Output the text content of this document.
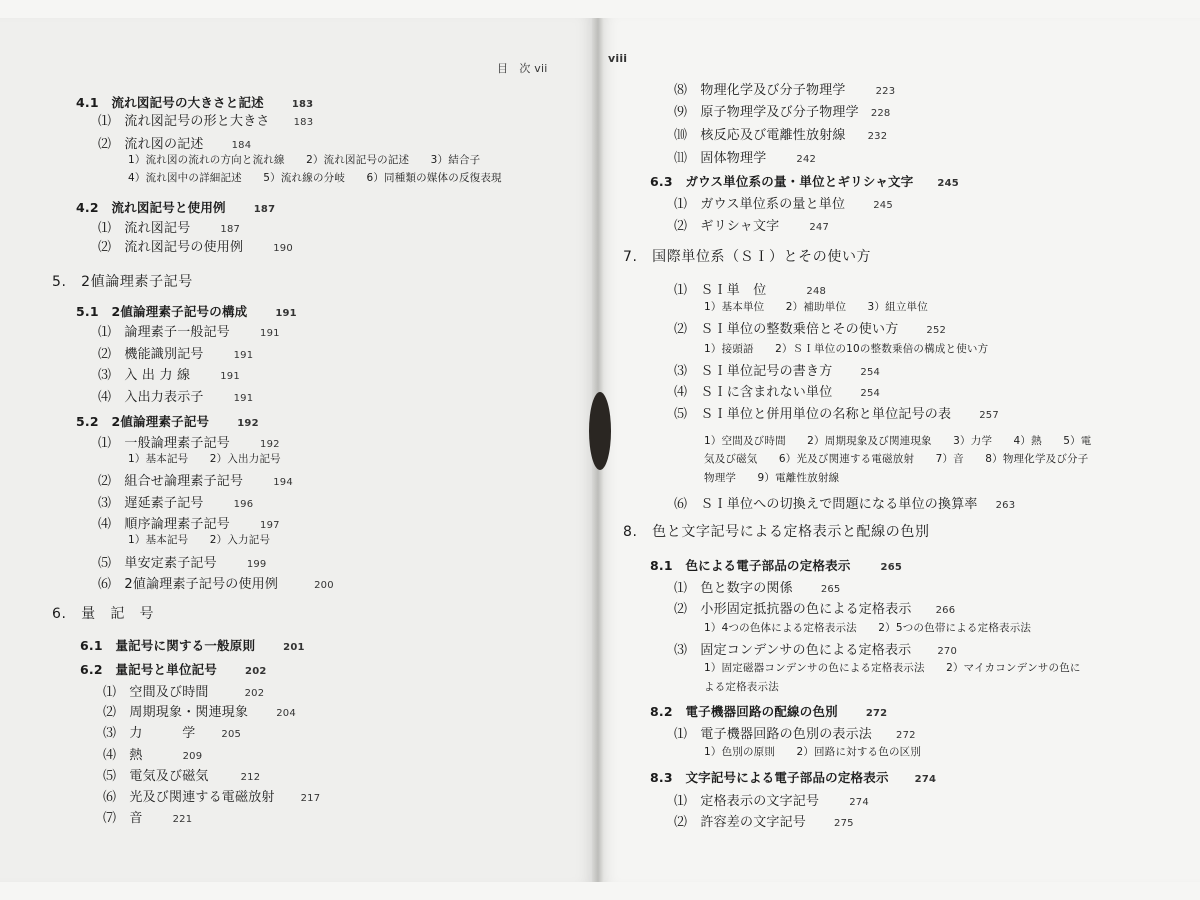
目　次 vii
viii
4.1　流れ図記号の大きさと記述	183
⑴　流れ図記号の形と大きさ 183
⑵　流れ図の記述	184
1）流れ図の流れの方向と流れ線　　2）流れ図記号の記述　　3）結合子
4）流れ図中の詳細記述　　5）流れ線の分岐　　6）同種類の媒体の反復表現
4.2　流れ図記号と使用例	187
⑴　流れ図記号	187
⑵　流れ図記号の使用例	190
5.　2値論理素子記号
5.1　2値論理素子記号の構成	191
⑴　論理素子一般記号	191
⑵　機能識別記号	191
⑶　入 出 力 線	191
⑷　入出力表示子	191
5.2　2値論理素子記号	192
⑴　一般論理素子記号	192
1）基本記号　　2）入出力記号
⑵　組合せ論理素子記号	194
⑶　遅延素子記号	196
⑷　順序論理素子記号	197
1）基本記号　　2）入力記号
⑸　単安定素子記号	199
⑹　2値論理素子記号の使用例	200
6.　量　記　号
6.1　量記号に関する一般原則	201
6.2　量記号と単位記号	202
⑴　空間及び時間	202
⑵　周期現象・関連現象	204
⑶　力　　　学	205
⑷　熱	209
⑸　電気及び磁気	212
⑹　光及び関連する電磁放射	217
⑺　音	221
⑻　物理化学及び分子物理学	223
⑼　原子物理学及び分子物理学 228
⑽　核反応及び電離性放射線 232
⑾　固体物理学	242
6.3　ガウス単位系の量・単位とギリシャ文字 245
⑴　ガウス単位系の量と単位	245
⑵　ギリシャ文字	247
7.　国際単位系（ＳＩ）とその使い方
⑴　ＳＩ単　位	248
1）基本単位　　2）補助単位　　3）組立単位
⑵　ＳＩ単位の整数乗倍とその使い方	252
1）接頭語　　2）ＳＩ単位の10の整数乗倍の構成と使い方
⑶　ＳＩ単位記号の書き方	254
⑷　ＳＩに含まれない単位	254
⑸　ＳＩ単位と併用単位の名称と単位記号の表	257
1）空間及び時間　　2）周期現象及び関連現象　　3）力学　　4）熱　　5）電
気及び磁気　　6）光及び関連する電磁放射　　7）音　　8）物理化学及び分子
物理学　　9）電離性放射線
⑹　ＳＩ単位への切換えで問題になる単位の換算率 263
8.　色と文字記号による定格表示と配線の色別
8.1　色による電子部品の定格表示	265
⑴　色と数字の関係	265
⑵　小形固定抵抗器の色による定格表示 266
1）4つの色体による定格表示法　　2）5つの色帯による定格表示法
⑶　固定コンデンサの色による定格表示	270
1）固定磁器コンデンサの色による定格表示法　　2）マイカコンデンサの色に
よる定格表示法
8.2　電子機器回路の配線の色別	272
⑴　電子機器回路の色別の表示法 272
1）色別の原則　　2）回路に対する色の区別
8.3　文字記号による電子部品の定格表示	274
⑴　定格表示の文字記号	274
⑵　許容差の文字記号	275
